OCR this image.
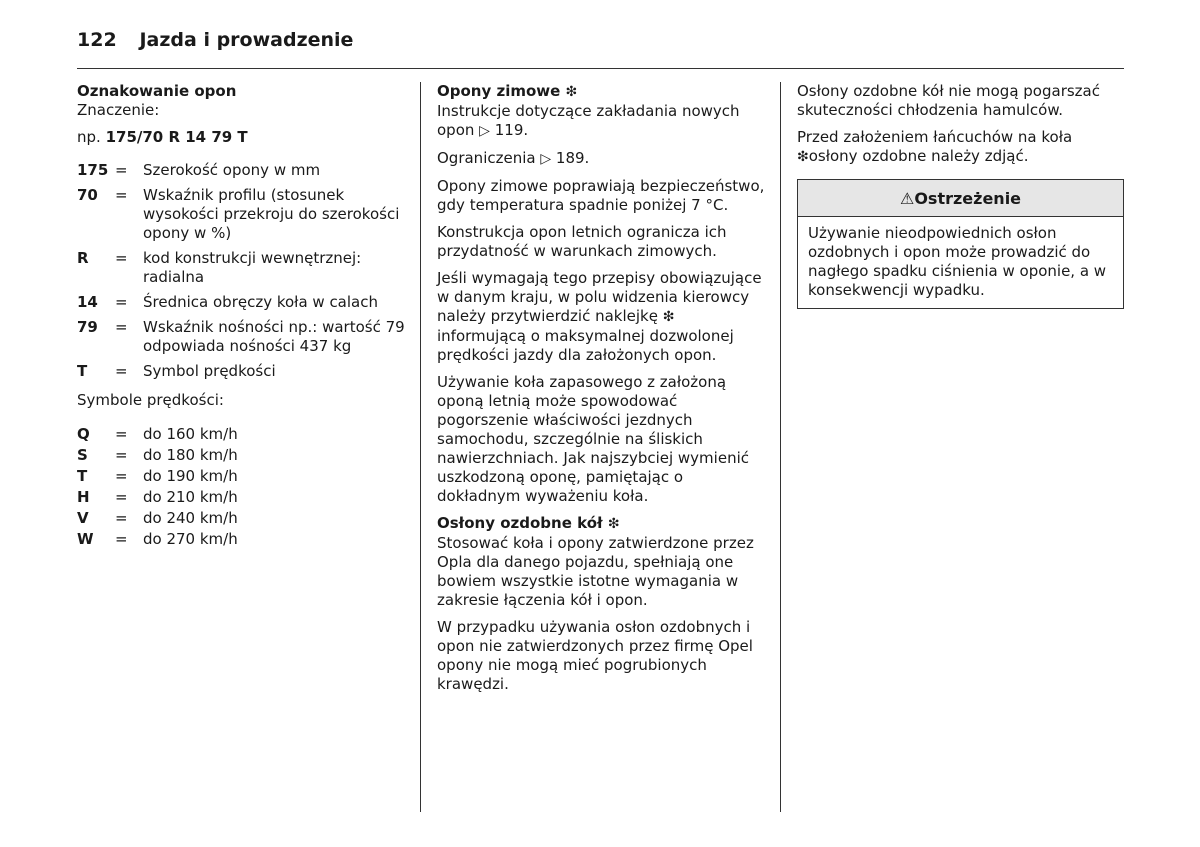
122 Jazda i prowadzenie
Oznakowanie opon

Znaczenie:

np. 175/70 R 14 79 T

175 =	Szerokość opony w mm
70	=	Wskaźnik profilu (stosunek wysokości przekroju do szerokości opony w %)
R	=	kod konstrukcji wewnętrznej: radialna
14	=	Średnica obręczy koła w calach
79	=	Wskaźnik nośności np.: wartość 79 odpowiada nośności 437 kg
T	=	Symbol prędkości

Symbole prędkości:

Q	=	do 160 km/h
S	=	do 180 km/h
T	=	do 190 km/h
H	=	do 210 km/h
V	=	do 240 km/h
W	=	do 270 km/h
Opony zimowe ❇

Instrukcje dotyczące zakładania nowych opon ▷ 119.

Ograniczenia ▷ 189.

Opony zimowe poprawiają bezpieczeństwo, gdy temperatura spadnie poniżej 7 °C.

Konstrukcja opon letnich ogranicza ich przydatność w warunkach zimowych.

Jeśli wymagają tego przepisy obowiązujące w danym kraju, w polu widzenia kierowcy należy przytwierdzić naklejkę ❇ informującą o maksymalnej dozwolonej prędkości jazdy dla założonych opon.

Używanie koła zapasowego z założoną oponą letnią może spowodować pogorszenie właściwości jezdnych samochodu, szczególnie na śliskich nawierzchniach. Jak najszybciej wymienić uszkodzoną oponę, pamiętając o dokładnym wyważeniu koła.

Osłony ozdobne kół ❇

Stosować koła i opony zatwierdzone przez Opla dla danego pojazdu, spełniają one bowiem wszystkie istotne wymagania w zakresie łączenia kół i opon.

W przypadku używania osłon ozdobnych i opon nie zatwierdzonych przez firmę Opel opony nie mogą mieć pogrubionych krawędzi.

Osłony ozdobne kół nie mogą pogarszać skuteczności chłodzenia hamulców.

Przed założeniem łańcuchów na koła ❇osłony ozdobne należy zdjąć.

⚠Ostrzeżenie
Używanie nieodpowiednich osłon ozdobnych i opon może prowadzić do nagłego spadku ciśnienia w oponie, a w konsekwencji wypadku.
